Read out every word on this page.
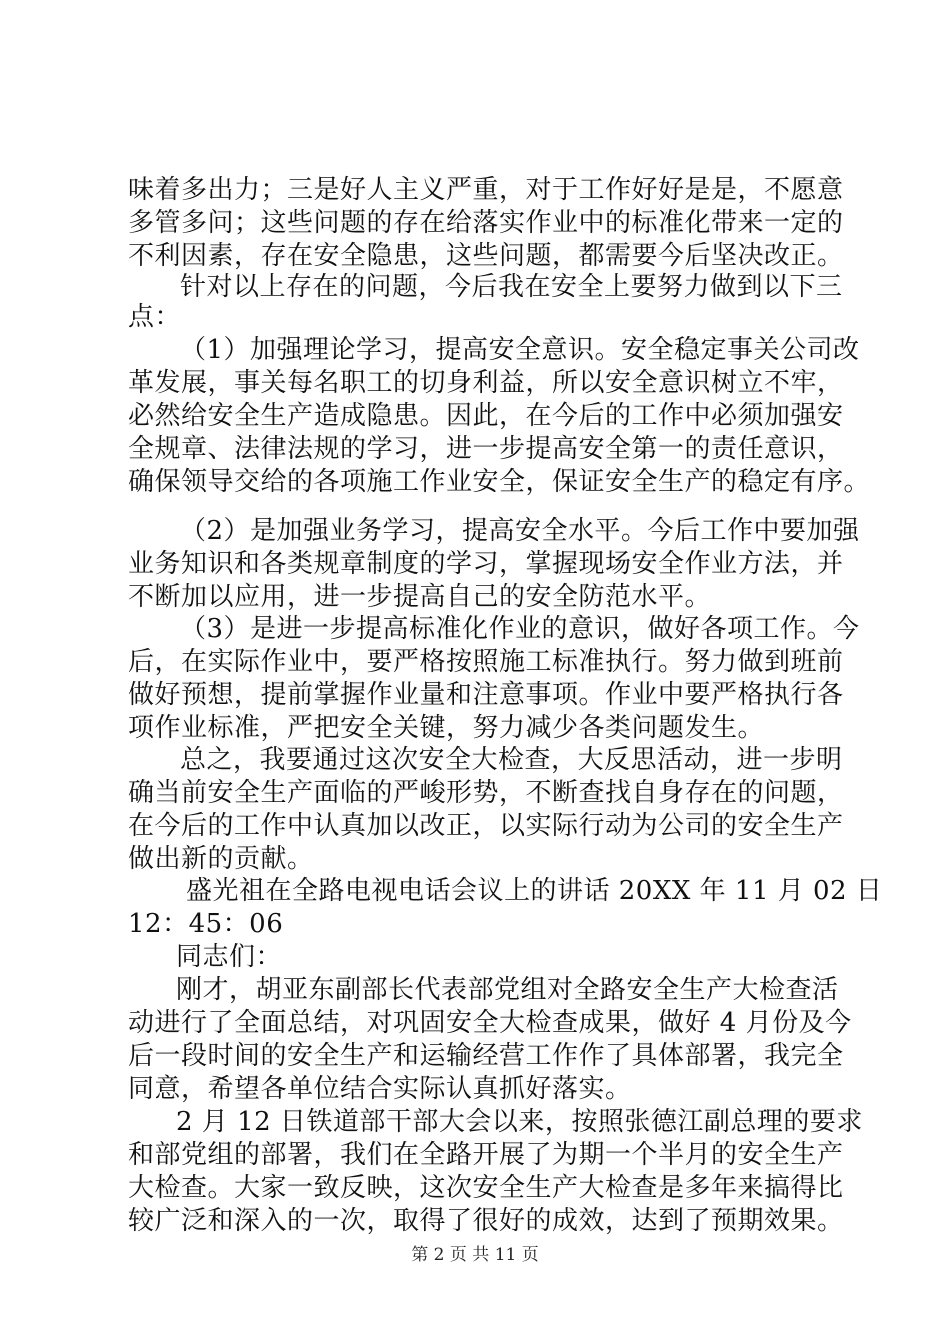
味着多出力；三是好人主义严重，对于工作好好是是，不愿意
多管多问；这些问题的存在给落实作业中的标准化带来一定的
不利因素，存在安全隐患，这些问题，都需要今后坚决改正。
针对以上存在的问题，今后我在安全上要努力做到以下三
点：
（1）加强理论学习，提高安全意识。安全稳定事关公司改
革发展，事关每名职工的切身利益，所以安全意识树立不牢，
必然给安全生产造成隐患。因此，在今后的工作中必须加强安
全规章、法律法规的学习，进一步提高安全第一的责任意识，
确保领导交给的各项施工作业安全，保证安全生产的稳定有序。
（2）是加强业务学习，提高安全水平。今后工作中要加强
业务知识和各类规章制度的学习，掌握现场安全作业方法，并
不断加以应用，进一步提高自己的安全防范水平。
（3）是进一步提高标准化作业的意识，做好各项工作。今
后，在实际作业中，要严格按照施工标准执行。努力做到班前
做好预想，提前掌握作业量和注意事项。作业中要严格执行各
项作业标准，严把安全关键，努力减少各类问题发生。
总之，我要通过这次安全大检查，大反思活动，进一步明
确当前安全生产面临的严峻形势，不断查找自身存在的问题，
在今后的工作中认真加以改正，以实际行动为公司的安全生产
做出新的贡献。
盛光祖在全路电视电话会议上的讲话 20XX 年 11 月 02 日
12：45：06
同志们：
刚才，胡亚东副部长代表部党组对全路安全生产大检查活
动进行了全面总结，对巩固安全大检查成果，做好 4 月份及今
后一段时间的安全生产和运输经营工作作了具体部署，我完全
同意，希望各单位结合实际认真抓好落实。
2 月 12 日铁道部干部大会以来，按照张德江副总理的要求
和部党组的部署，我们在全路开展了为期一个半月的安全生产
大检查。大家一致反映，这次安全生产大检查是多年来搞得比
较广泛和深入的一次，取得了很好的成效，达到了预期效果。
第 2 页 共 11 页
